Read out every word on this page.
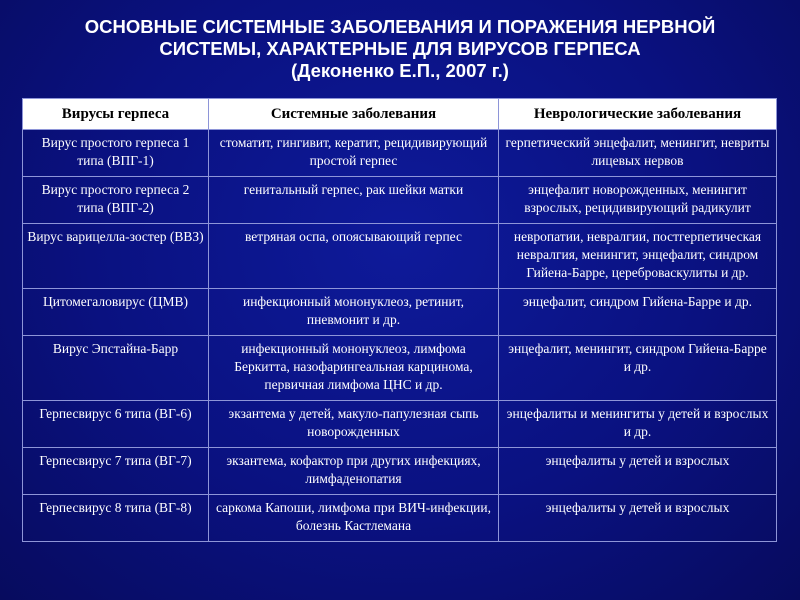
ОСНОВНЫЕ СИСТЕМНЫЕ ЗАБОЛЕВАНИЯ И ПОРАЖЕНИЯ НЕРВНОЙ
СИСТЕМЫ, ХАРАКТЕРНЫЕ ДЛЯ ВИРУСОВ ГЕРПЕСА
(Деконенко Е.П., 2007 г.)
Вирусы герпеса	Системные заболевания	Неврологические заболевания
Вирус простого герпеса 1 типа (ВПГ-1)	стоматит, гингивит, кератит, рецидивирующий простой герпес	герпетический энцефалит, менингит, невриты лицевых нервов
Вирус простого герпеса 2 типа (ВПГ-2)	генитальный герпес, рак шейки матки	энцефалит новорожденных, менингит взрослых, рецидивирующий радикулит
Вирус варицелла-зостер (ВВЗ)	ветряная оспа, опоясывающий герпес	невропатии, невралгии, постгерпетическая невралгия, менингит, энцефалит, синдром Гийена-Барре, цереброваскулиты и др.
Цитомегаловирус (ЦМВ)	инфекционный мононуклеоз, ретинит, пневмонит и др.	энцефалит, синдром Гийена-Барре и др.
Вирус Эпстайна-Барр	инфекционный мононуклеоз, лимфома Беркитта, назофарингеальная карцинома, первичная лимфома ЦНС и др.	энцефалит, менингит, синдром Гийена-Барре и др.
Герпесвирус 6 типа (ВГ-6)	экзантема у детей, макуло-папулезная сыпь новорожденных	энцефалиты и менингиты у детей и взрослых и др.
Герпесвирус 7 типа (ВГ-7)	экзантема, кофактор при других инфекциях, лимфаденопатия	энцефалиты у детей и взрослых
Герпесвирус 8 типа (ВГ-8)	саркома Капоши, лимфома при ВИЧ-инфекции, болезнь Кастлемана	энцефалиты у детей и взрослых
